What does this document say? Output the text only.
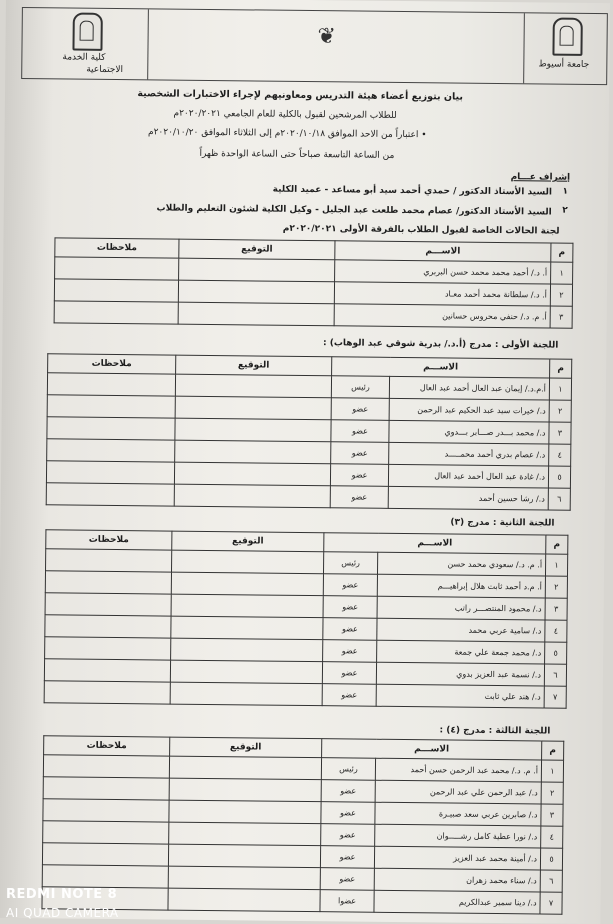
كلية الخدمة
الاجتماعية
❦
جامعة أسيوط
بيان بتوزيع أعضاء هيئة التدريس ومعاونيهم لإجراء الاختبارات الشخصية
للطلاب المرشحين لقبول بالكلية للعام الجامعي ٢٠٢٠/٢٠٢١م
• اعتباراً من الاحد الموافق ٢٠٢٠/١٠/١٨م إلى الثلاثاء الموافق ٢٠٢٠/١٠/٢٠م
من الساعة التاسعة صباحاً حتى الساعة الواحدة ظهراً
إشراف عـــام
١
السيد الأستاذ الدكتور / حمدي أحمد سيد أبو مساعد - عميد الكلية
٢
السيد الأستاذ الدكتور/ عصام محمد طلعت عبد الجليل - وكيل الكلية لشئون التعليم والطلاب
لجنة الحالات الخاصة لقبول الطلاب بالفرقة الأولى ٢٠٢٠/٢٠٢١م
م	الاســـم	التوقيع	ملاحظات
١	أ. د./ أحمد محمد محمد حسن البربري		
٢	أ. د./ سلطانة محمد أحمد معـاد		
٣	أ. م. د./ حنفي محروس حسانين		
اللجنة الأولى : مدرج (أ.د./ بدرية شوقي عبد الوهاب) :
م	الاســـم		التوقيع	ملاحظات
١	أ.م.د./ إيمان عبد العال أحمد عبد العال	رئيس		
٢	د./ خيرات سيد عبد الحكيم عبد الرحمن	عضو		
٣	د./ محمد بـــدر صـــابر بـــدوي	عضو		
٤	د./ عصام بدري أحمد محمـــــد	عضو		
٥	د./ غادة عبد العال أحمد عبد العال	عضو		
٦	د./ رشا حسين أحمد	عضو		
اللجنة الثانية : مدرج (٣)
م	الاســـم		التوقيع	ملاحظات
١	أ. م. د./ سعودي محمد حسن	رئيس		
٢	أ. م.د أحمد ثابت هلال إبراهيـــم	عضو		
٣	د./ محمود المنتصـــر راتب	عضو		
٤	د./ سامية عربي محمد	عضو		
٥	د./ محمد جمعة علي جمعة	عضو		
٦	د./ نسمة عبد العزيز بدوي	عضو		
٧	د./ هند علي ثابت	عضو		
اللجنة الثالثة : مدرج (٤) :
م	الاســـم		التوقيع	ملاحظات
١	أ. م. د./ محمد عبد الرحمن حسن أحمد	رئيس		
٢	د./ عبد الرحمن علي عبد الرحمن	عضو		
٣	د./ صابرين عربي سعد صبيـرة	عضو		
٤	د./ نورا عطية كامل رشـــــوان	عضو		
٥	د./ أمينة محمد عبد العزيز	عضو		
٦	د./ سناء محمد زهران	عضو		
٧	د./ دينا سمير عبدالكريم	عضوا		
REDMI NOTE 8
AI QUAD CAMERA
